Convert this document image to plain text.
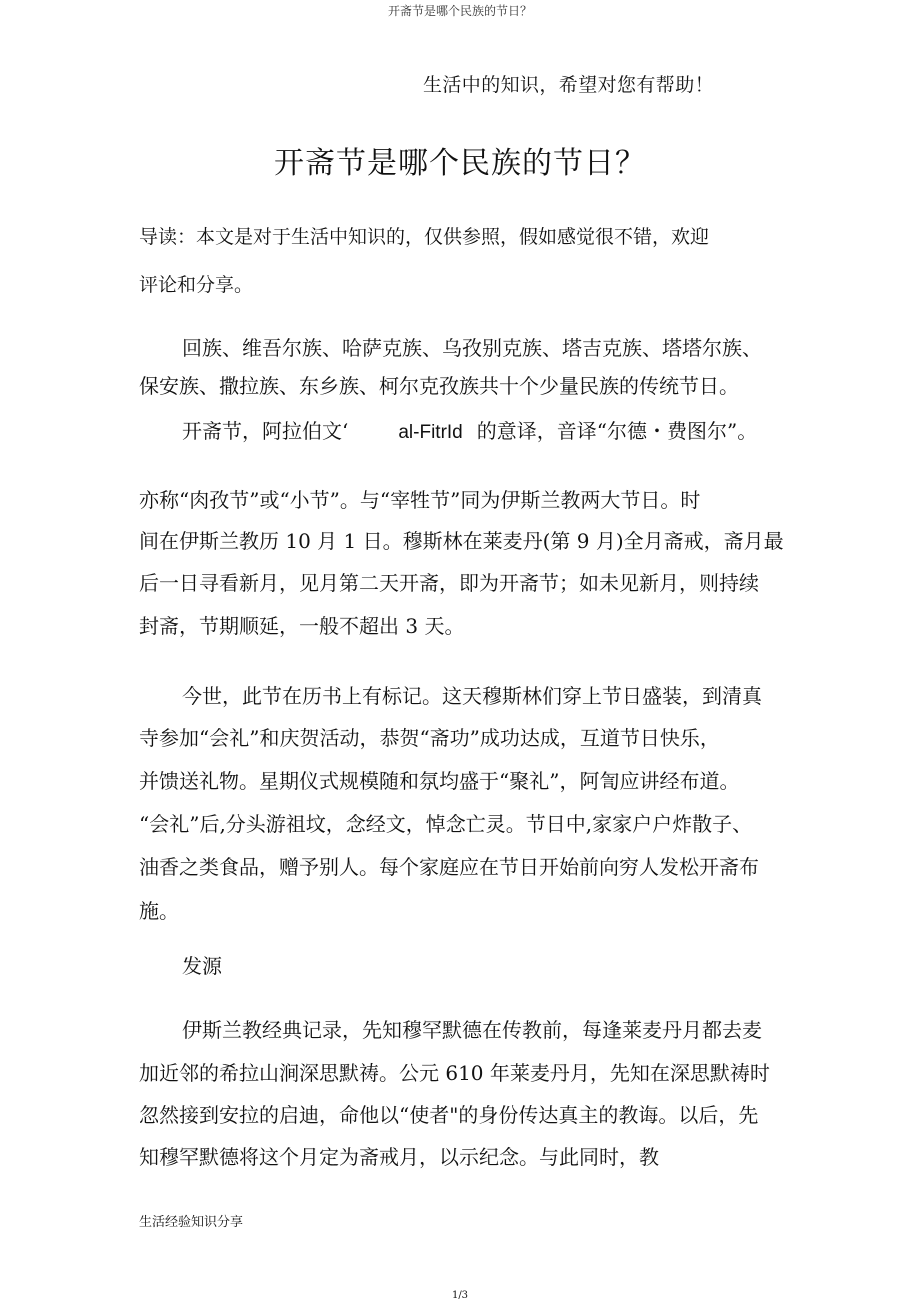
开斋节是哪个民族的节日？
生活中的知识，希望对您有帮助！
开斋节是哪个民族的节日？
导读：本文是对于生活中知识的，仅供参照，假如感觉很不错，欢迎
评论和分享。
回族、维吾尔族、哈萨克族、乌孜别克族、塔吉克族、塔塔尔族、
保安族、撒拉族、东乡族、柯尔克孜族共十个少量民族的传统节日。
开斋节，阿拉伯文‘	al-FitrId 的意译，音译“尔德・费图尔”。
亦称“肉孜节”或“小节”。与“宰牲节”同为伊斯兰教两大节日。时
间在伊斯兰教历 10 月 1 日。穆斯林在莱麦丹(第 9 月)全月斋戒，斋月最
后一日寻看新月，见月第二天开斋，即为开斋节；如未见新月，则持续
封斋，节期顺延，一般不超出 3 天。
今世，此节在历书上有标记。这天穆斯林们穿上节日盛装，到清真
寺参加“会礼”和庆贺活动，恭贺“斋功”成功达成，互道节日快乐，
并馈送礼物。星期仪式规模随和氛均盛于“聚礼”，阿訇应讲经布道。
“会礼”后,分头游祖坟，念经文，悼念亡灵。节日中,家家户户炸散子、
油香之类食品，赠予别人。每个家庭应在节日开始前向穷人发松开斋布
施。
发源
伊斯兰教经典记录，先知穆罕默德在传教前，每逢莱麦丹月都去麦
加近邻的希拉山涧深思默祷。公元 610 年莱麦丹月，先知在深思默祷时
忽然接到安拉的启迪，命他以“使者"的身份传达真主的教诲。以后，先
知穆罕默德将这个月定为斋戒月，以示纪念。与此同时，教
生活经验知识分享
1/3
